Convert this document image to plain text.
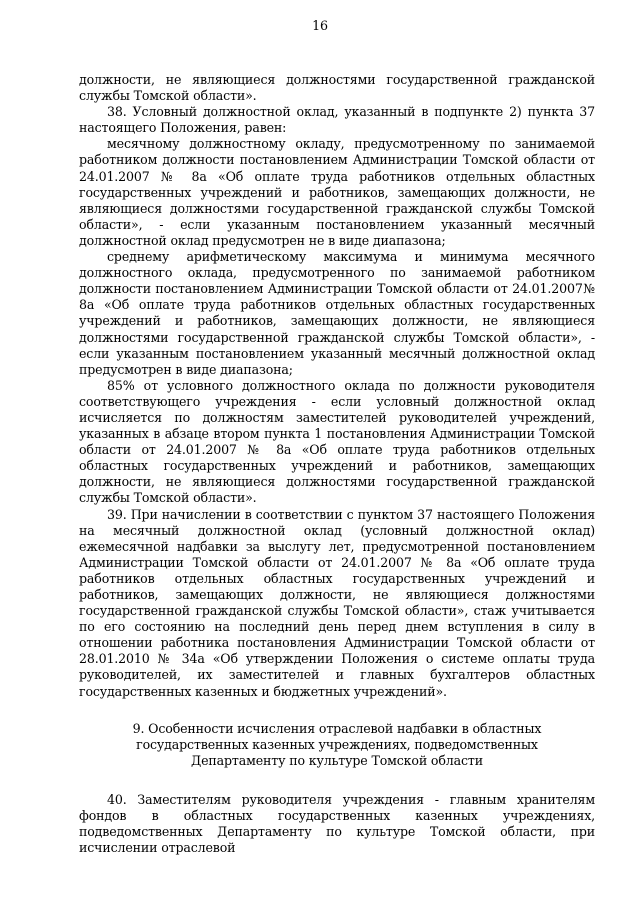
16

должности, не являющиеся должностями государственной гражданской службы Томской области».

38. Условный должностной оклад, указанный в подпункте 2) пункта 37 настоящего Положения, равен:

месячному должностному окладу, предусмотренному по занимаемой работником должности постановлением Администрации Томской области от 24.01.2007 № 8а «Об оплате труда работников отдельных областных государственных учреждений и работников, замещающих должности, не являющиеся должностями государственной гражданской службы Томской области», - если указанным постановлением указанный месячный должностной оклад предусмотрен не в виде диапазона;

среднему арифметическому максимума и минимума месячного должностного оклада, предусмотренного по занимаемой работником должности постановлением Администрации Томской области от 24.01.2007№ 8а «Об оплате труда работников отдельных областных государственных учреждений и работников, замещающих должности, не являющиеся должностями государственной гражданской службы Томской области», - если указанным постановлением указанный месячный должностной оклад предусмотрен в виде диапазона;

85% от условного должностного оклада по должности руководителя соответствующего учреждения - если условный должностной оклад исчисляется по должностям заместителей руководителей учреждений, указанных в абзаце втором пункта 1 постановления Администрации Томской области от 24.01.2007 № 8а «Об оплате труда работников отдельных областных государственных учреждений и работников, замещающих должности, не являющиеся должностями государственной гражданской службы Томской области».

39. При начислении в соответствии с пунктом 37 настоящего Положения на месячный должностной оклад (условный должностной оклад) ежемесячной надбавки за выслугу лет, предусмотренной постановлением Администрации Томской области от 24.01.2007 № 8а «Об оплате труда работников отдельных областных государственных учреждений и работников, замещающих должности, не являющиеся должностями государственной гражданской службы Томской области», стаж учитывается по его состоянию на последний день перед днем вступления в силу в отношении работника постановления Администрации Томской области от 28.01.2010 № 34а «Об утверждении Положения о системе оплаты труда руководителей, их заместителей и главных бухгалтеров областных государственных казенных и бюджетных учреждений».

9. Особенности исчисления отраслевой надбавки в областных

государственных казенных учреждениях, подведомственных

Департаменту по культуре Томской области

40. Заместителям руководителя учреждения - главным хранителям фондов в областных государственных казенных учреждениях, подведомственных Департаменту по культуре Томской области, при исчислении отраслевой
